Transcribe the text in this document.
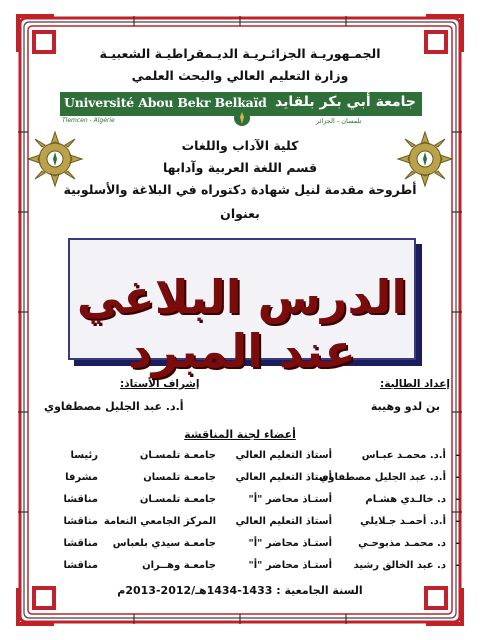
الجمـهوريـة الجزائـريـة الديـمقراطيـة الشعبيـة
وزارة التعليم العالي والبحث العلمي
Université Abou Bekr Belkaïd جامعة أبي بكر بلقايد
Tlemcen - Algérie	تلمسان - الجزائر
كلية الآداب واللغات
قسم اللغة العربية وآدابها
أطروحة مقدمة لنيل شهادة دكتوراه في البلاغة والأسلوبية
بعنوان
الدرس البلاغي عند المبرد
إعداد الطالبة:
إشراف الأستاذ:
بن لدو وهيبة
أ.د. عبد الجليل مصطفاوي
أعضاء لجنة المناقشة
-
أ.د. محمـد عبـاس
أستاذ التعليم العالي
جامعـة تلمسـان
رئيسا
-
أ.د. عبد الجليل مصطفاوي
أستاذ التعليم العالي
جامعـة تلمسان
مشرفا
-
د. خالـدي هشـام
أستـاذ محاضر "أ"
جامعـة تلمسـان
مناقشا
-
أ.د. أحمـد جـلايلي
أستاذ التعليم العالي
المركز الجامعي النعامة
مناقشا
-
د. محمـد مذبوحـي
أستـاذ محاضر "أ"
جامعـة سيدي بلعباس
مناقشا
-
د. عبد الخالق رشيد
أستـاذ محاضر "أ"
جامعـة وهــران
مناقشا
السنة الجامعية : 1433-1434هـ/2012-2013م
